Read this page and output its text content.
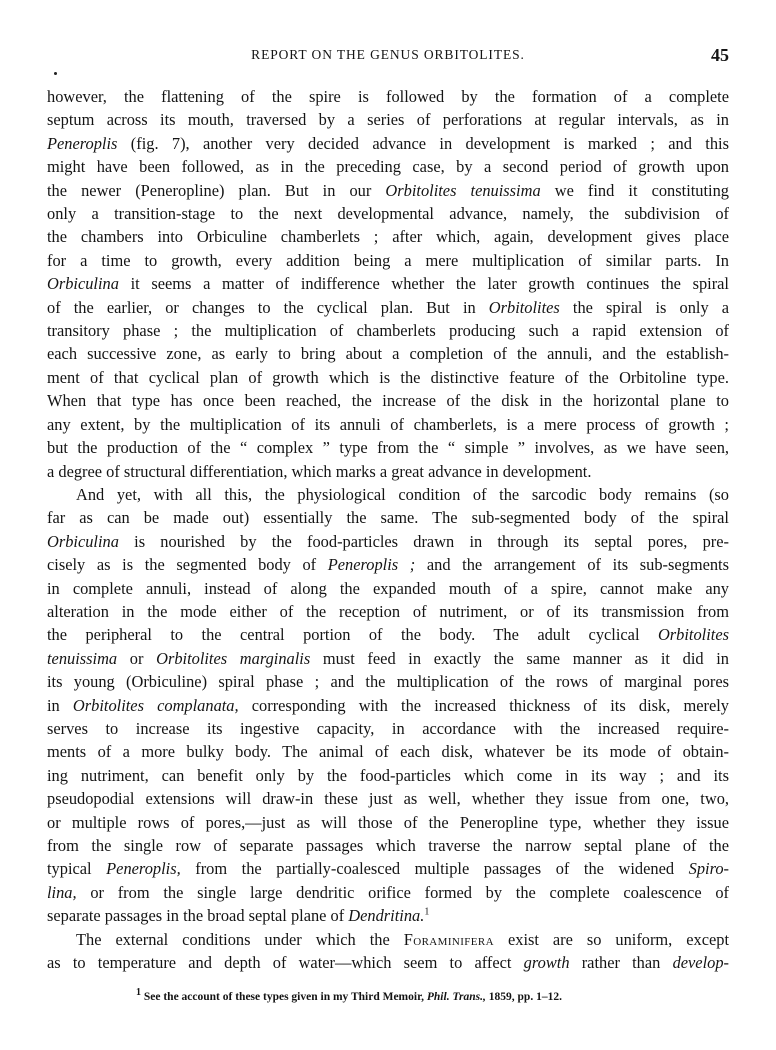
REPORT ON THE GENUS ORBITOLITES.	45

however, the flattening of the spire is followed by the formation of a complete

septum across its mouth, traversed by a series of perforations at regular intervals, as in

Peneroplis (fig. 7), another very decided advance in development is marked ; and this

might have been followed, as in the preceding case, by a second period of growth upon

the newer (Peneropline) plan. But in our Orbitolites tenuissima we find it constituting

only a transition-stage to the next developmental advance, namely, the subdivision of

the chambers into Orbiculine chamberlets ; after which, again, development gives place

for a time to growth, every addition being a mere multiplication of similar parts. In

Orbiculina it seems a matter of indifference whether the later growth continues the spiral

of the earlier, or changes to the cyclical plan. But in Orbitolites the spiral is only a

transitory phase ; the multiplication of chamberlets producing such a rapid extension of

each successive zone, as early to bring about a completion of the annuli, and the establish-

ment of that cyclical plan of growth which is the distinctive feature of the Orbitoline type.

When that type has once been reached, the increase of the disk in the horizontal plane to

any extent, by the multiplication of its annuli of chamberlets, is a mere process of growth ;

but the production of the “ complex ” type from the “ simple ” involves, as we have seen,

a degree of structural differentiation, which marks a great advance in development.

And yet, with all this, the physiological condition of the sarcodic body remains (so

far as can be made out) essentially the same. The sub-segmented body of the spiral

Orbiculina is nourished by the food-particles drawn in through its septal pores, pre-

cisely as is the segmented body of Peneroplis ; and the arrangement of its sub-segments

in complete annuli, instead of along the expanded mouth of a spire, cannot make any

alteration in the mode either of the reception of nutriment, or of its transmission from

the peripheral to the central portion of the body. The adult cyclical Orbitolites

tenuissima or Orbitolites marginalis must feed in exactly the same manner as it did in

its young (Orbiculine) spiral phase ; and the multiplication of the rows of marginal pores

in Orbitolites complanata, corresponding with the increased thickness of its disk, merely

serves to increase its ingestive capacity, in accordance with the increased require-

ments of a more bulky body. The animal of each disk, whatever be its mode of obtain-

ing nutriment, can benefit only by the food-particles which come in its way ; and its

pseudopodial extensions will draw-in these just as well, whether they issue from one, two,

or multiple rows of pores,—just as will those of the Peneropline type, whether they issue

from the single row of separate passages which traverse the narrow septal plane of the

typical Peneroplis, from the partially-coalesced multiple passages of the widened Spiro-

lina, or from the single large dendritic orifice formed by the complete coalescence of

separate passages in the broad septal plane of Dendritina.$^1$

The external conditions under which the Foraminifera exist are so uniform, except

as to temperature and depth of water—which seem to affect growth rather than develop-

$^1$ See the account of these types given in my Third Memoir, Phil. Trans., 1859, pp. 1–12.
